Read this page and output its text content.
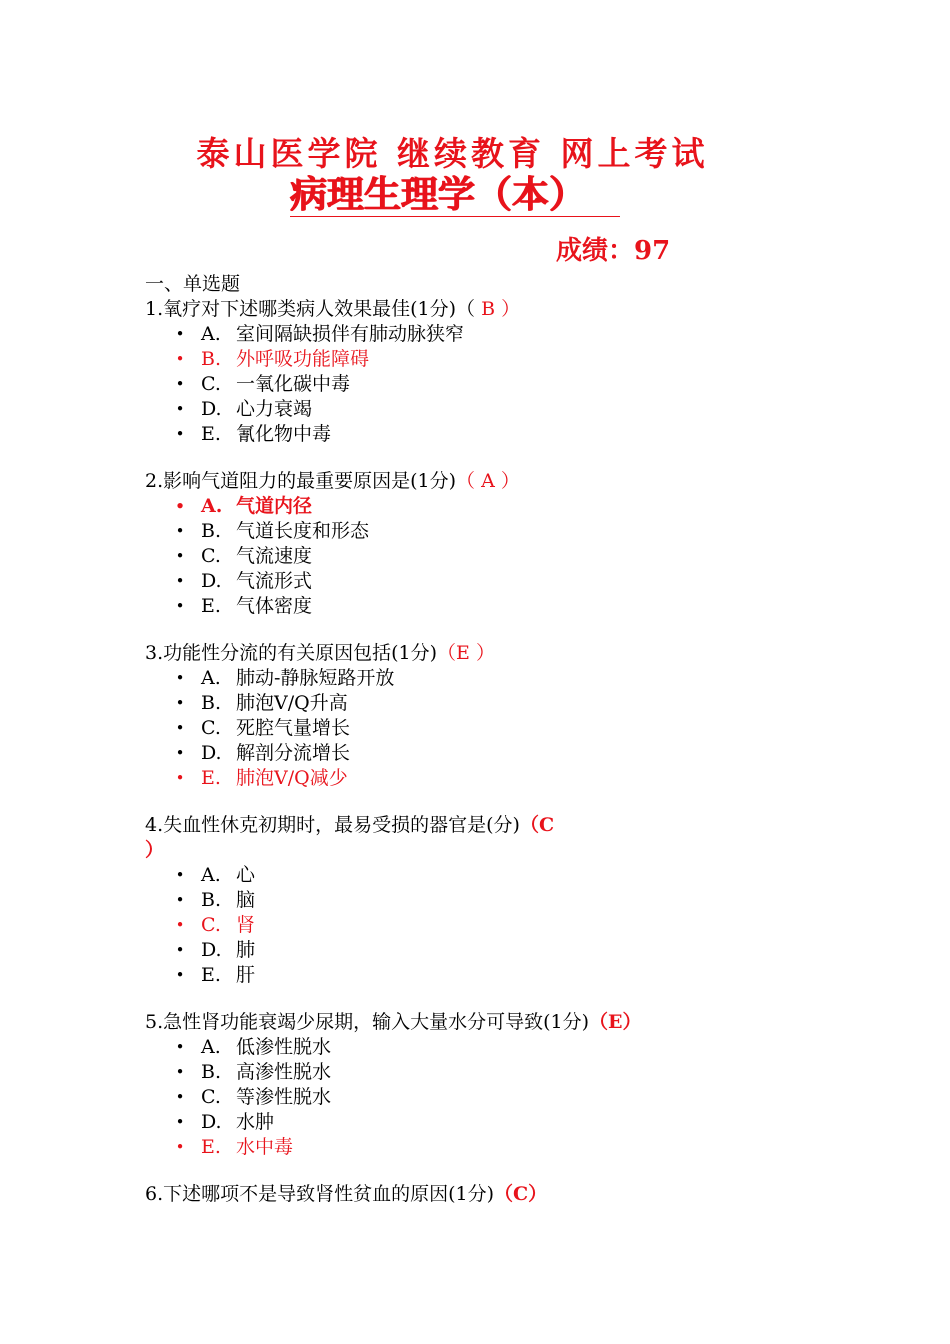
泰山医学院 继续教育 网上考试
病理生理学（本）
成绩：97
一、单选题
1.氧疗对下述哪类病人效果最佳(1分)（ B ）
• A. 室间隔缺损伴有肺动脉狭窄
• B. 外呼吸功能障碍
• C. 一氧化碳中毒
• D. 心力衰竭
• E. 氰化物中毒
2.影响气道阻力的最重要原因是(1分)（ A ）
• A. 气道内径
• B. 气道长度和形态
• C. 气流速度
• D. 气流形式
• E. 气体密度
3.功能性分流的有关原因包括(1分)（E ）
• A. 肺动-静脉短路开放
• B. 肺泡V/Q升高
• C. 死腔气量增长
• D. 解剖分流增长
• E. 肺泡V/Q减少
4.失血性休克初期时，最易受损的器官是(分)（C
）
• A. 心
• B. 脑
• C. 肾
• D. 肺
• E. 肝
5.急性肾功能衰竭少尿期，输入大量水分可导致(1分)（E）
• A. 低渗性脱水
• B. 高渗性脱水
• C. 等渗性脱水
• D. 水肿
• E. 水中毒
6.下述哪项不是导致肾性贫血的原因(1分)（C）
